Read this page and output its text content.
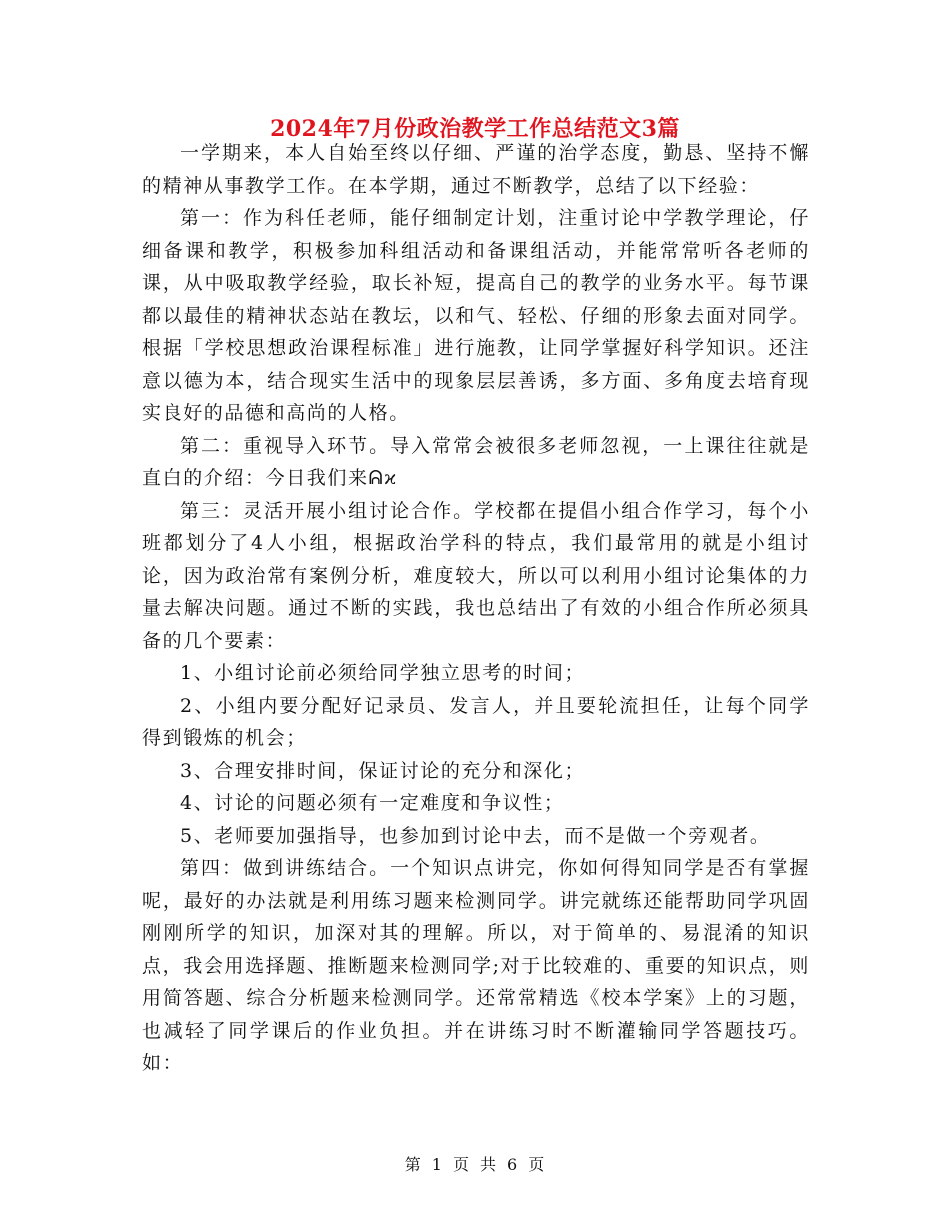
2024年7月份政治教学工作总结范文3篇

一学期来，本人自始至终以仔细、严谨的治学态度，勤恳、坚持不懈的精神从事教学工作。在本学期，通过不断教学，总结了以下经验：

第一：作为科任老师，能仔细制定计划，注重讨论中学教学理论，仔细备课和教学，积极参加科组活动和备课组活动，并能常常听各老师的课，从中吸取教学经验，取长补短，提高自己的教学的业务水平。每节课都以最佳的精神状态站在教坛，以和气、轻松、仔细的形象去面对同学。根据「学校思想政治课程标准」进行施教，让同学掌握好科学知识。还注意以德为本，结合现实生活中的现象层层善诱，多方面、多角度去培育现实良好的品德和高尚的人格。

第二：重视导入环节。导入常常会被很多老师忽视，一上课往往就是直白的介绍：今日我们来ᕱϰ

第三：灵活开展小组讨论合作。学校都在提倡小组合作学习，每个小班都划分了4人小组，根据政治学科的特点，我们最常用的就是小组讨论，因为政治常有案例分析，难度较大，所以可以利用小组讨论集体的力量去解决问题。通过不断的实践，我也总结出了有效的小组合作所必须具备的几个要素：

1、小组讨论前必须给同学独立思考的时间；

2、小组内要分配好记录员、发言人，并且要轮流担任，让每个同学得到锻炼的机会；

3、合理安排时间，保证讨论的充分和深化；

4、讨论的问题必须有一定难度和争议性；

5、老师要加强指导，也参加到讨论中去，而不是做一个旁观者。

第四：做到讲练结合。一个知识点讲完，你如何得知同学是否有掌握呢，最好的办法就是利用练习题来检测同学。讲完就练还能帮助同学巩固刚刚所学的知识，加深对其的理解。所以，对于简单的、易混淆的知识点，我会用选择题、推断题来检测同学;对于比较难的、重要的知识点，则用简答题、综合分析题来检测同学。还常常精选《校本学案》上的习题，也减轻了同学课后的作业负担。并在讲练习时不断灌输同学答题技巧。如：

第 1 页 共 6 页
